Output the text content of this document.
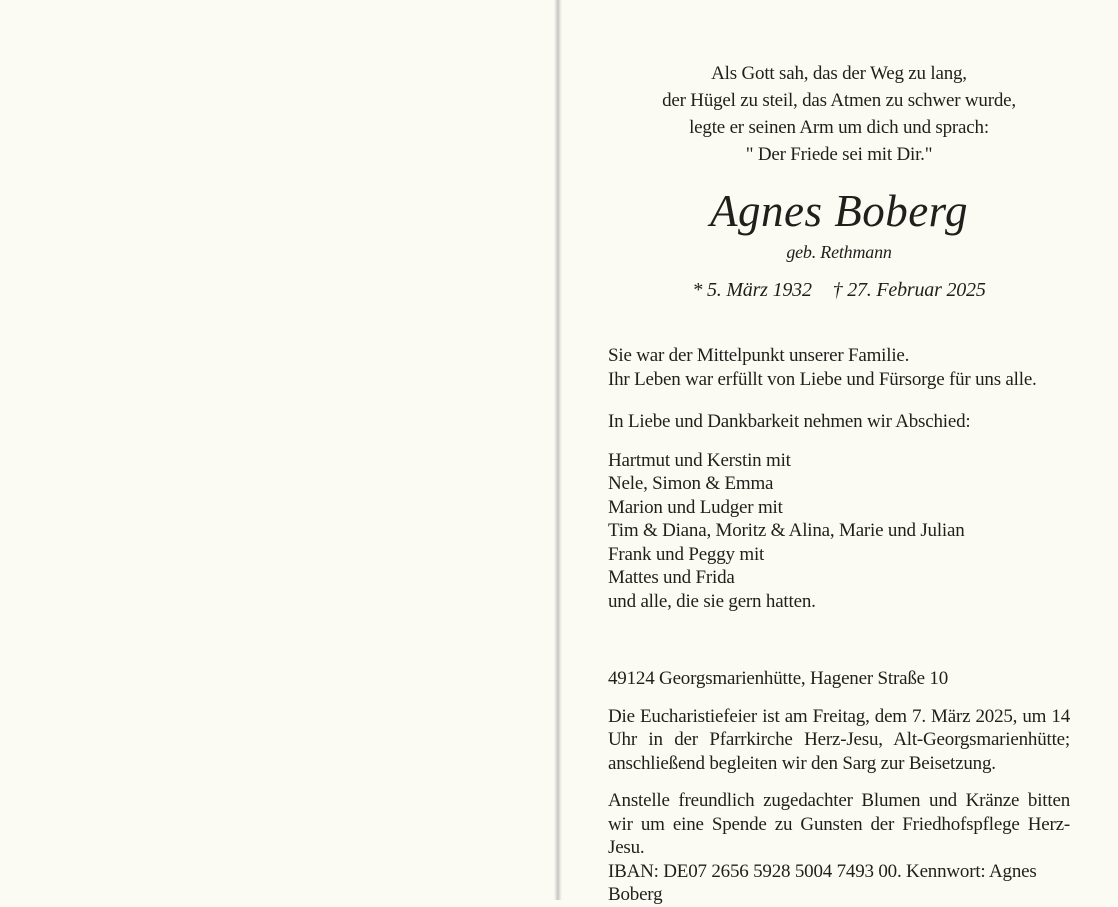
Als Gott sah, das der Weg zu lang,
der Hügel zu steil, das Atmen zu schwer wurde,
legte er seinen Arm um dich und sprach:
" Der Friede sei mit Dir."
Agnes Boberg
geb. Rethmann
* 5. März 1932 † 27. Februar 2025
Sie war der Mittelpunkt unserer Familie.
Ihr Leben war erfüllt von Liebe und Fürsorge für uns alle.
In Liebe und Dankbarkeit nehmen wir Abschied:
Hartmut und Kerstin mit
Nele, Simon & Emma
Marion und Ludger mit
Tim & Diana, Moritz & Alina, Marie und Julian
Frank und Peggy mit
Mattes und Frida
und alle, die sie gern hatten.
49124 Georgsmarienhütte, Hagener Straße 10
Die Eucharistiefeier ist am Freitag, dem 7. März 2025, um 14 Uhr in der Pfarrkirche Herz-Jesu, Alt-Georgsmarienhütte; anschließend begleiten wir den Sarg zur Beisetzung.
Anstelle freundlich zugedachter Blumen und Kränze bitten wir um eine Spende zu Gunsten der Friedhofspflege Herz-Jesu.
IBAN: DE07 2656 5928 5004 7493 00. Kennwort: Agnes Boberg
